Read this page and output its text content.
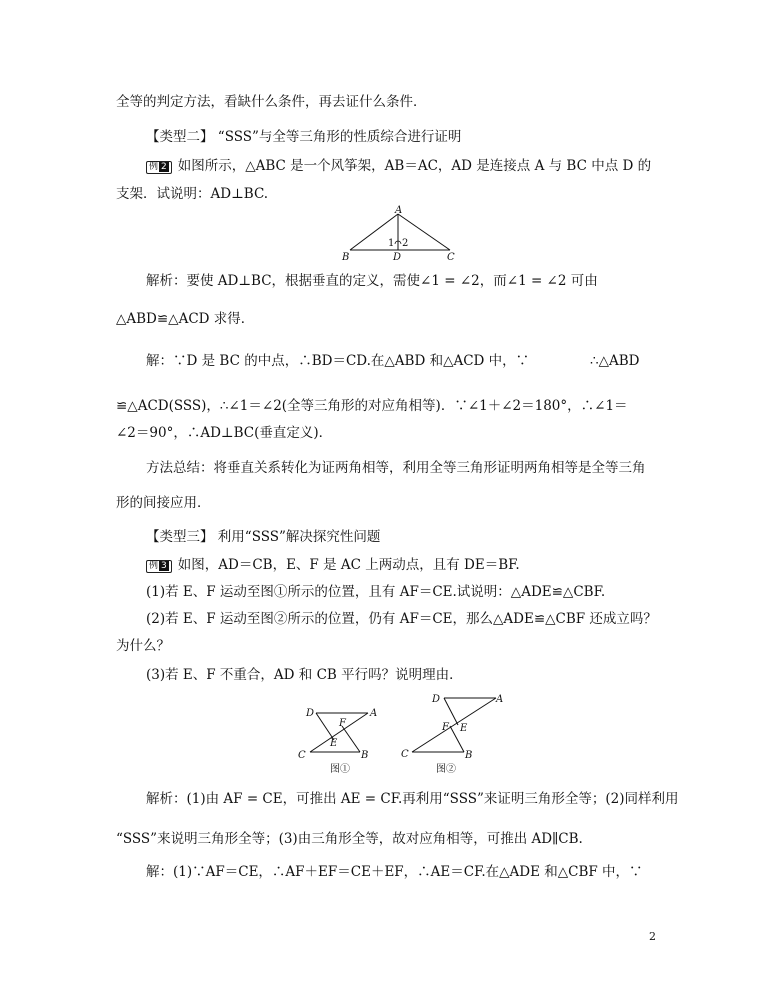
全等的判定方法，看缺什么条件，再去证什么条件．
【类型二】 “SSS”与全等三角形的性质综合进行证明
例 2 如图所示，△ABC 是一个风筝架，AB＝AC，AD 是连接点 A 与 BC 中点 D 的
支架．试说明：AD⊥BC.
A
B	D	C
1 2
解析：要使 AD⊥BC，根据垂直的定义，需使∠1 = ∠2，而∠1 = ∠2 可由
△ABD≌△ACD 求得．
解：∵D 是 BC 的中点，∴BD＝CD.在△ABD 和△ACD 中，∵	∴△ABD
≌△ACD(SSS)，∴∠1＝∠2(全等三角形的对应角相等)．∵∠1＋∠2＝180°，∴∠1＝
∠2＝90°，∴AD⊥BC(垂直定义)．
方法总结：将垂直关系转化为证两角相等，利用全等三角形证明两角相等是全等三角
形的间接应用．
【类型三】 利用“SSS”解决探究性问题
例 3 如图，AD＝CB，E、F 是 AC 上两动点，且有 DE＝BF.
(1)若 E、F 运动至图①所示的位置，且有 AF＝CE.试说明：△ADE≌△CBF.
(2)若 E、F 运动至图②所示的位置，仍有 AF＝CE，那么△ADE≌△CBF 还成立吗？
为什么？
(3)若 E、F 不重合，AD 和 CB 平行吗？说明理由．
D	A
F
E
C	B
图①
D	A
F E
C	B
图②
解析：(1)由 AF = CE，可推出 AE = CF.再利用“SSS”来证明三角形全等；(2)同样利用
“SSS”来说明三角形全等；(3)由三角形全等，故对应角相等，可推出 AD∥CB.
解：(1)∵AF＝CE，∴AF＋EF＝CE＋EF，∴AE＝CF.在△ADE 和△CBF 中，∵
2
